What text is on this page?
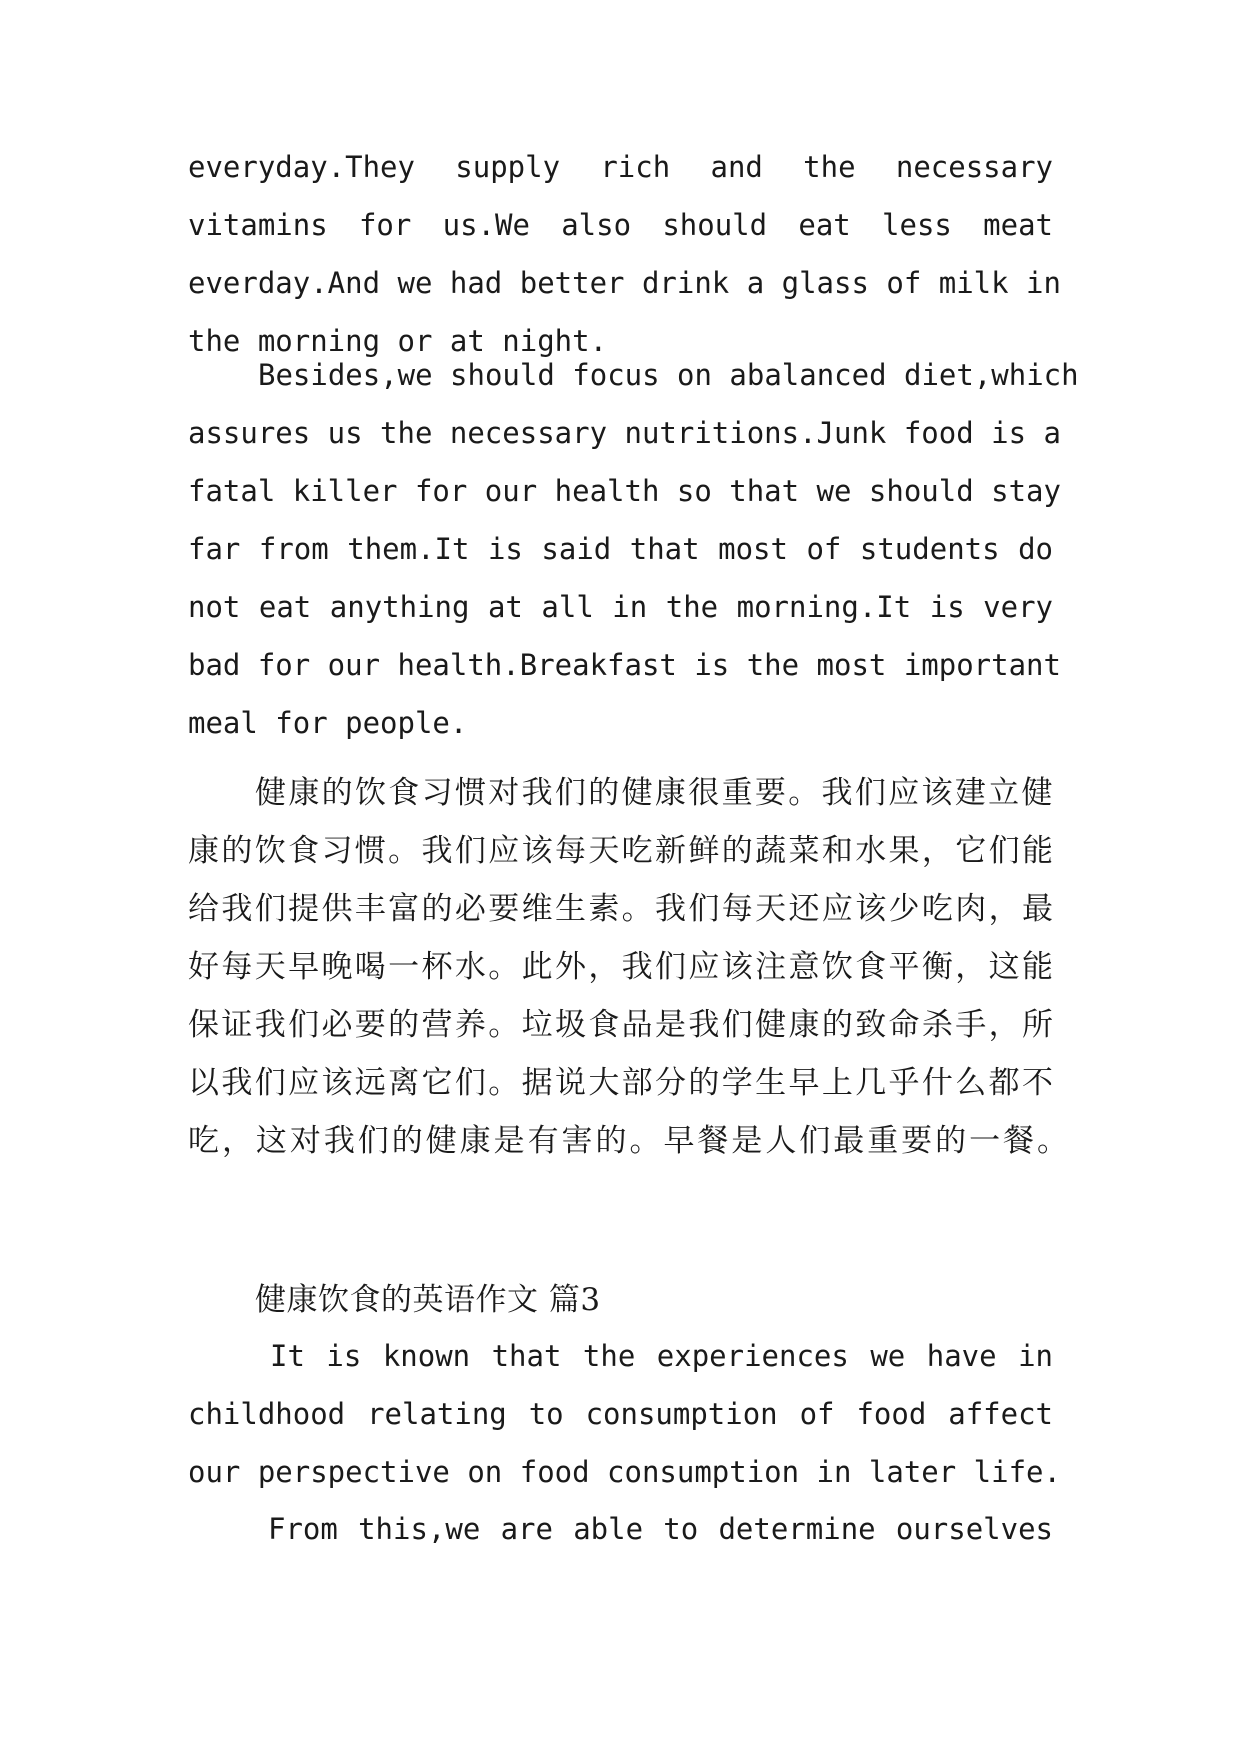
everyday.They supply rich and the necessary
vitamins for us.We also should eat less meat
everday.And we had better drink a glass of milk in
the morning or at night.
Besides,we should focus on abalanced diet,which
assures us the necessary nutritions.Junk food is a
fatal killer for our health so that we should stay
far from them.It is said that most of students do
not eat anything at all in the morning.It is very
bad for our health.Breakfast is the most important
meal for people.
健康的饮食习惯对我们的健康很重要。我们应该建立健
康的饮食习惯。我们应该每天吃新鲜的蔬菜和水果，它们能
给我们提供丰富的必要维生素。我们每天还应该少吃肉，最
好每天早晚喝一杯水。此外，我们应该注意饮食平衡，这能
保证我们必要的营养。垃圾食品是我们健康的致命杀手，所
以我们应该远离它们。据说大部分的学生早上几乎什么都不
吃，这对我们的健康是有害的。早餐是人们最重要的一餐。
健康饮食的英语作文 篇3
It is known that the experiences we have in
childhood relating to consumption of food affect
our perspective on food consumption in later life.
From this,we are able to determine ourselves
